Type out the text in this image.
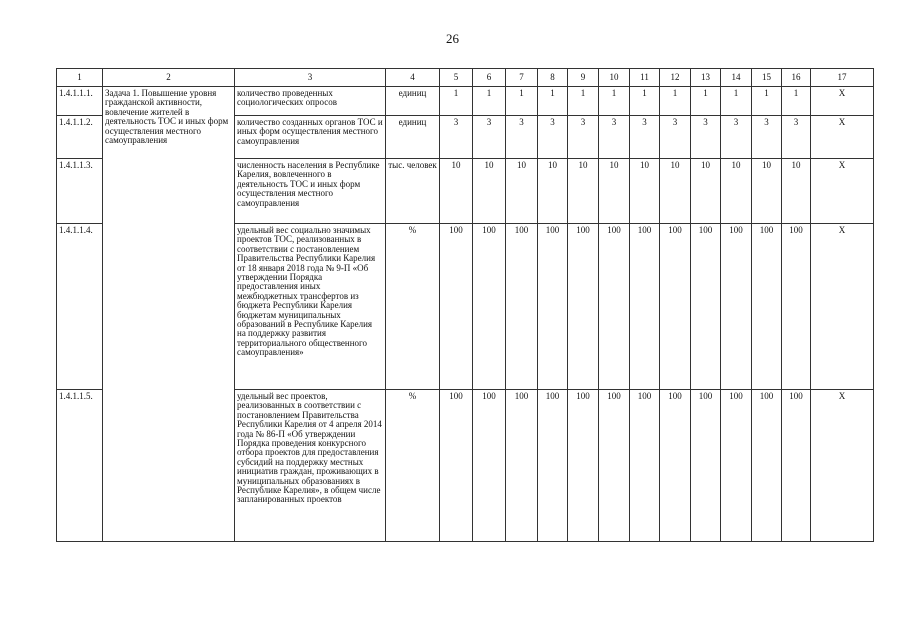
26
1	2	3	4	5	6	7	8	9	10	11	12	13	14	15	16	17
1.4.1.1.1.	Задача 1. Повышение уровня гражданской активности, вовлечение жителей в деятельность ТОС и иных форм осуществления местного самоуправления	количество проведенных социологических опросов	единиц	1	1	1	1	1	1	1	1	1	1	1	1	X
1.4.1.1.2.		количество созданных органов ТОС и иных форм осуществления местного самоуправления	единиц	3	3	3	3	3	3	3	3	3	3	3	3	X
1.4.1.1.3.		численность населения в Республике Карелия, вовлеченного в деятельность ТОС и иных форм осуществления местного самоуправления	тыс. человек	10	10	10	10	10	10	10	10	10	10	10	10	X
1.4.1.1.4.		удельный вес социально значимых проектов ТОС, реализованных в соответствии с постановлением Правительства Республики Карелия от 18 января 2018 года № 9-П «Об утверждении Порядка предоставления иных межбюджетных трансфертов из бюджета Республики Карелия бюджетам муниципальных образований в Республике Карелия на поддержку развития территориального общественного самоуправления»	%	100	100	100	100	100	100	100	100	100	100	100	100	X
1.4.1.1.5.		удельный вес проектов, реализованных в соответствии с постановлением Правительства Республики Карелия от 4 апреля 2014 года № 86-П «Об утверждении Порядка проведения конкурсного отбора проектов для предоставления субсидий на поддержку местных инициатив граждан, проживающих в муниципальных образованиях в Республике Карелия», в общем числе запланированных проектов	%	100	100	100	100	100	100	100	100	100	100	100	100	X
